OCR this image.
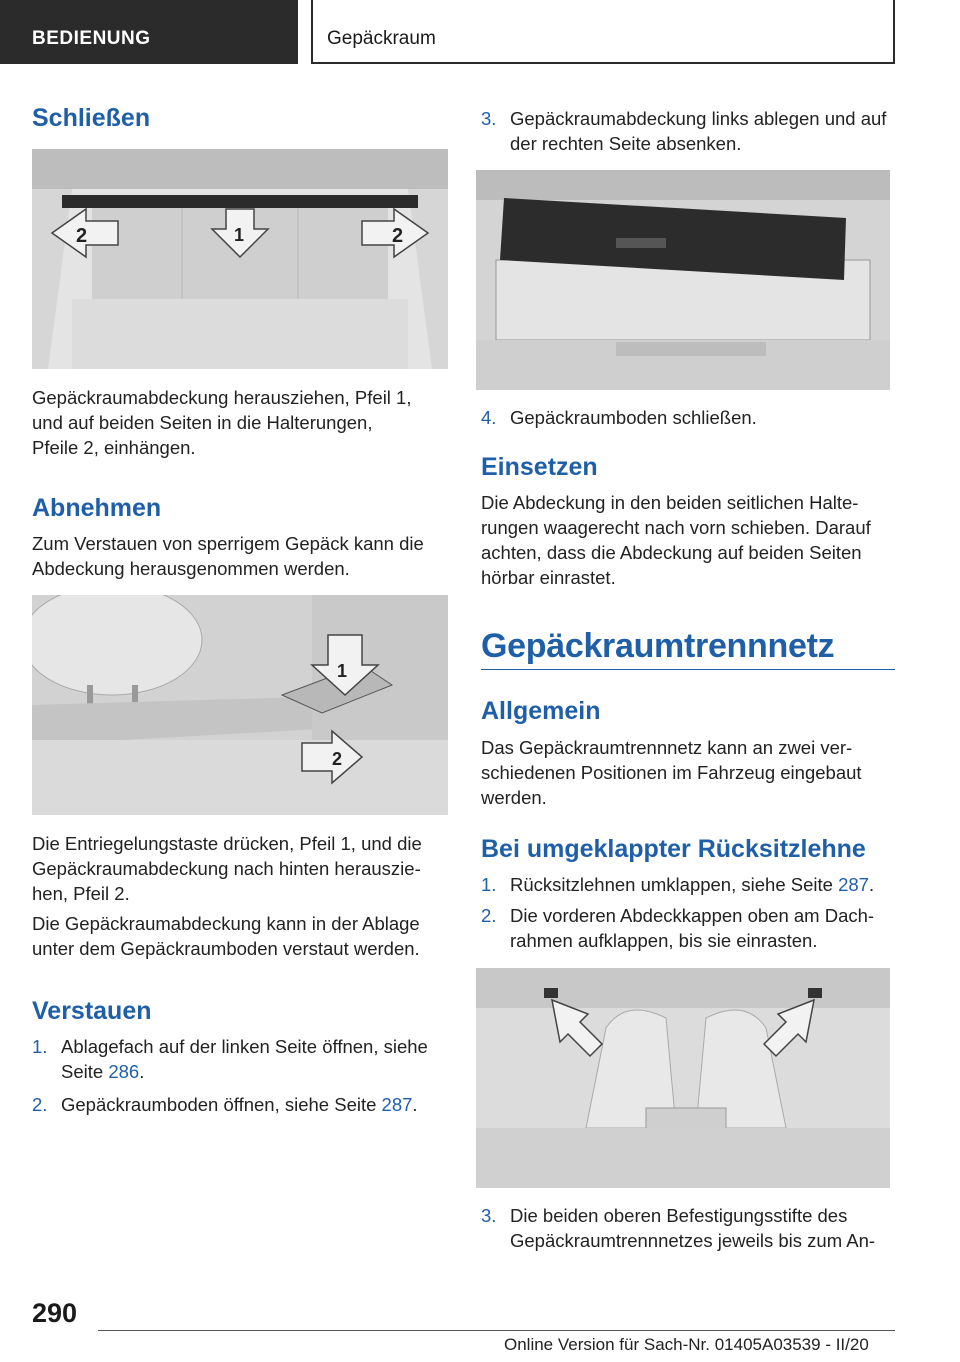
BEDIENUNG	Gepäckraum
Schließen
2	2
1
Gepäckraumabdeckung herausziehen, Pfeil 1,
und auf beiden Seiten in die Halterungen,
Pfeile 2, einhängen.
Abnehmen
Zum Verstauen von sperrigem Gepäck kann die
Abdeckung herausgenommen werden.
1
2
Die Entriegelungstaste drücken, Pfeil 1, und die
Gepäckraumabdeckung nach hinten herauszie-
hen, Pfeil 2.
Die Gepäckraumabdeckung kann in der Ablage
unter dem Gepäckraumboden verstaut werden.
Verstauen
1. Ablagefach auf der linken Seite öffnen, siehe
Seite 286.
2. Gepäckraumboden öffnen, siehe Seite 287.
3. Gepäckraumabdeckung links ablegen und auf
der rechten Seite absenken.
4. Gepäckraumboden schließen.
Einsetzen
Die Abdeckung in den beiden seitlichen Halte-
rungen waagerecht nach vorn schieben. Darauf
achten, dass die Abdeckung auf beiden Seiten
hörbar einrastet.
Gepäckraumtrennnetz
Allgemein
Das Gepäckraumtrennnetz kann an zwei ver-
schiedenen Positionen im Fahrzeug eingebaut
werden.
Bei umgeklappter Rücksitzlehne
1. Rücksitzlehnen umklappen, siehe Seite 287.
2. Die vorderen Abdeckkappen oben am Dach-
rahmen aufklappen, bis sie einrasten.
3. Die beiden oberen Befestigungsstifte des
Gepäckraumtrennnetzes jeweils bis zum An-
290
Online Version für Sach-Nr. 01405A03539 - II/20
